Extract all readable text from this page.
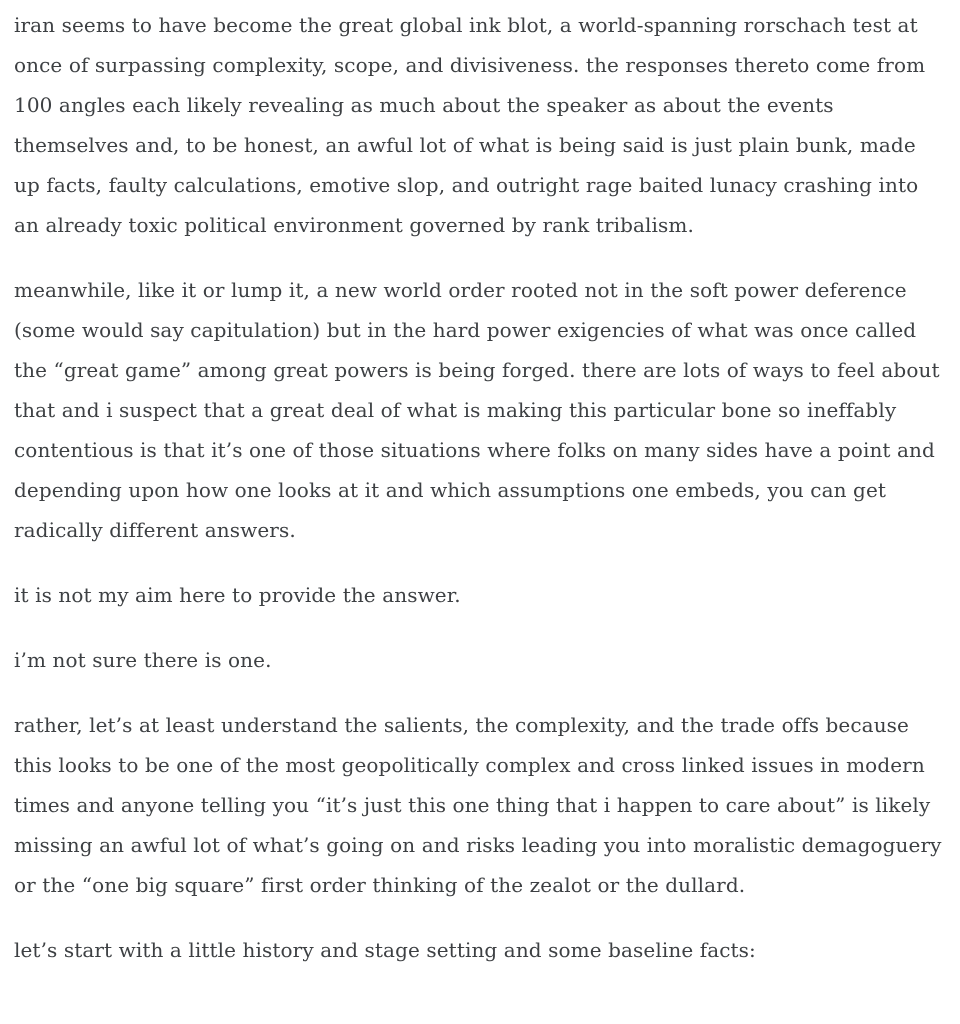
iran seems to have become the great global ink blot, a world-spanning rorschach test at once of surpassing complexity, scope, and divisiveness. the responses thereto come from 100 angles each likely revealing as much about the speaker as about the events themselves and, to be honest, an awful lot of what is being said is just plain bunk, made up facts, faulty calculations, emotive slop, and outright rage baited lunacy crashing into an already toxic political environment governed by rank tribalism.

meanwhile, like it or lump it, a new world order rooted not in the soft power deference (some would say capitulation) but in the hard power exigencies of what was once called the “great game” among great powers is being forged. there are lots of ways to feel about that and i suspect that a great deal of what is making this particular bone so ineffably contentious is that it’s one of those situations where folks on many sides have a point and depending upon how one looks at it and which assumptions one embeds, you can get radically different answers.

it is not my aim here to provide the answer.

i’m not sure there is one.

rather, let’s at least understand the salients, the complexity, and the trade offs because this looks to be one of the most geopolitically complex and cross linked issues in modern times and anyone telling you “it’s just this one thing that i happen to care about” is likely missing an awful lot of what’s going on and risks leading you into moralistic demagoguery or the “one big square” first order thinking of the zealot or the dullard.

let’s start with a little history and stage setting and some baseline facts:
